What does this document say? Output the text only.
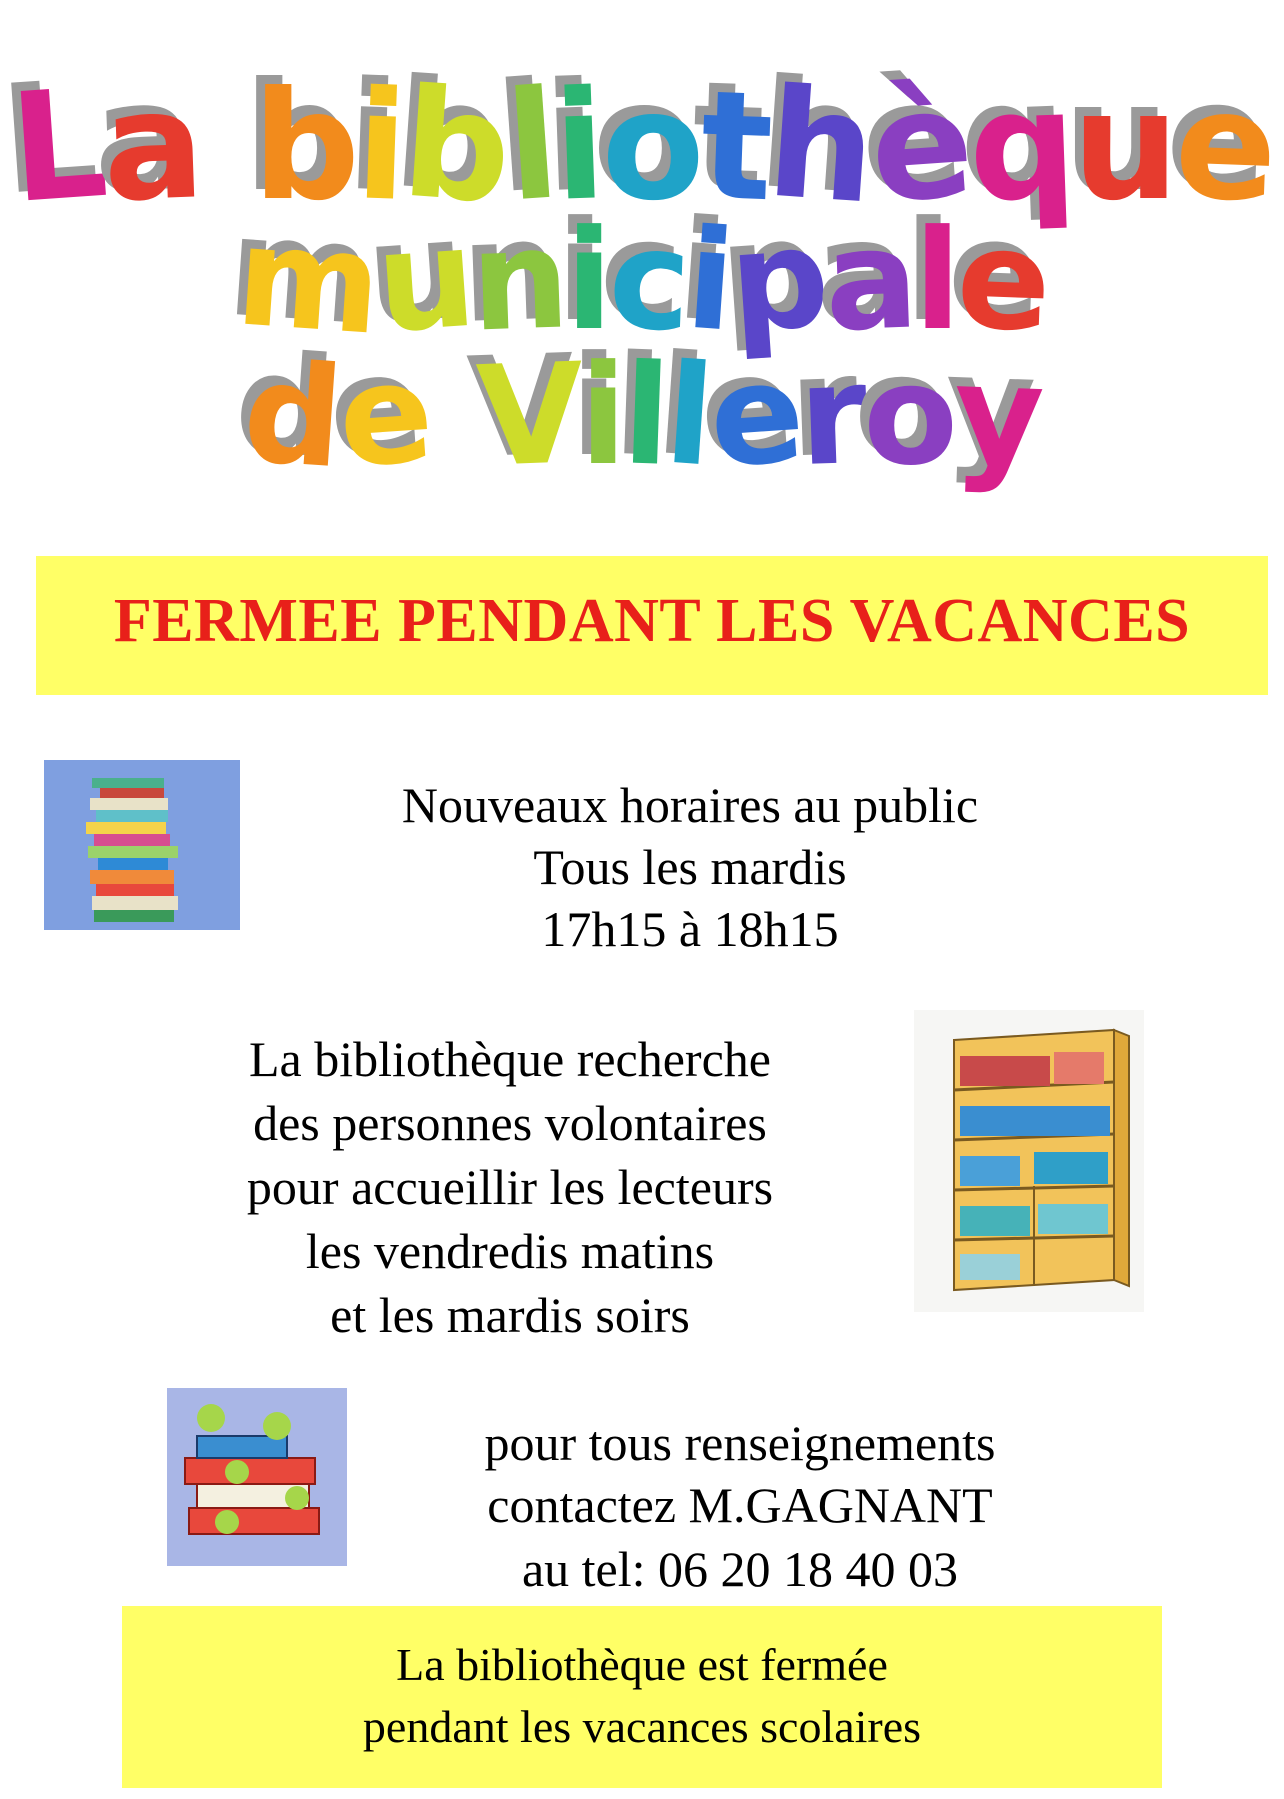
La bibliothèque
municipale
de Villeroy
FERMEE PENDANT LES VACANCES
Nouveaux horaires au public
Tous les mardis
17h15 à 18h15
La bibliothèque recherche
des personnes volontaires
pour accueillir les lecteurs
les vendredis matins
et les mardis soirs
pour tous renseignements
contactez M.GAGNANT
au tel: 06 20 18 40 03
La bibliothèque est fermée
pendant les vacances scolaires
